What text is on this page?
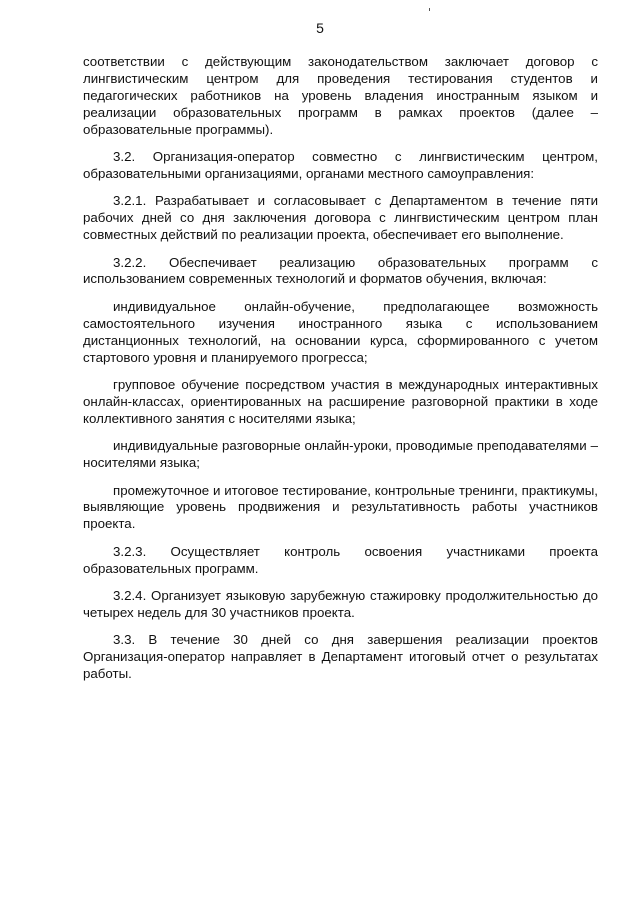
5

соответствии с действующим законодательством заключает договор с лингвистическим центром для проведения тестирования студентов и педагогических работников на уровень владения иностранным языком и реализации образовательных программ в рамках проектов (далее – образовательные программы).

3.2. Организация-оператор совместно с лингвистическим центром, образовательными организациями, органами местного самоуправления:

3.2.1. Разрабатывает и согласовывает с Департаментом в течение пяти рабочих дней со дня заключения договора с лингвистическим центром план совместных действий по реализации проекта, обеспечивает его выполнение.

3.2.2. Обеспечивает реализацию образовательных программ с использованием современных технологий и форматов обучения, включая:

индивидуальное онлайн-обучение, предполагающее возможность самостоятельного изучения иностранного языка с использованием дистанционных технологий, на основании курса, сформированного с учетом стартового уровня и планируемого прогресса;

групповое обучение посредством участия в международных интерактивных онлайн-классах, ориентированных на расширение разговорной практики в ходе коллективного занятия с носителями языка;

индивидуальные разговорные онлайн-уроки, проводимые преподавателями – носителями языка;

промежуточное и итоговое тестирование, контрольные тренинги, практикумы, выявляющие уровень продвижения и результативность работы участников проекта.

3.2.3. Осуществляет контроль освоения участниками проекта образовательных программ.

3.2.4. Организует языковую зарубежную стажировку продолжительностью до четырех недель для 30 участников проекта.

3.3. В течение 30 дней со дня завершения реализации проектов Организация-оператор направляет в Департамент итоговый отчет о результатах работы.
